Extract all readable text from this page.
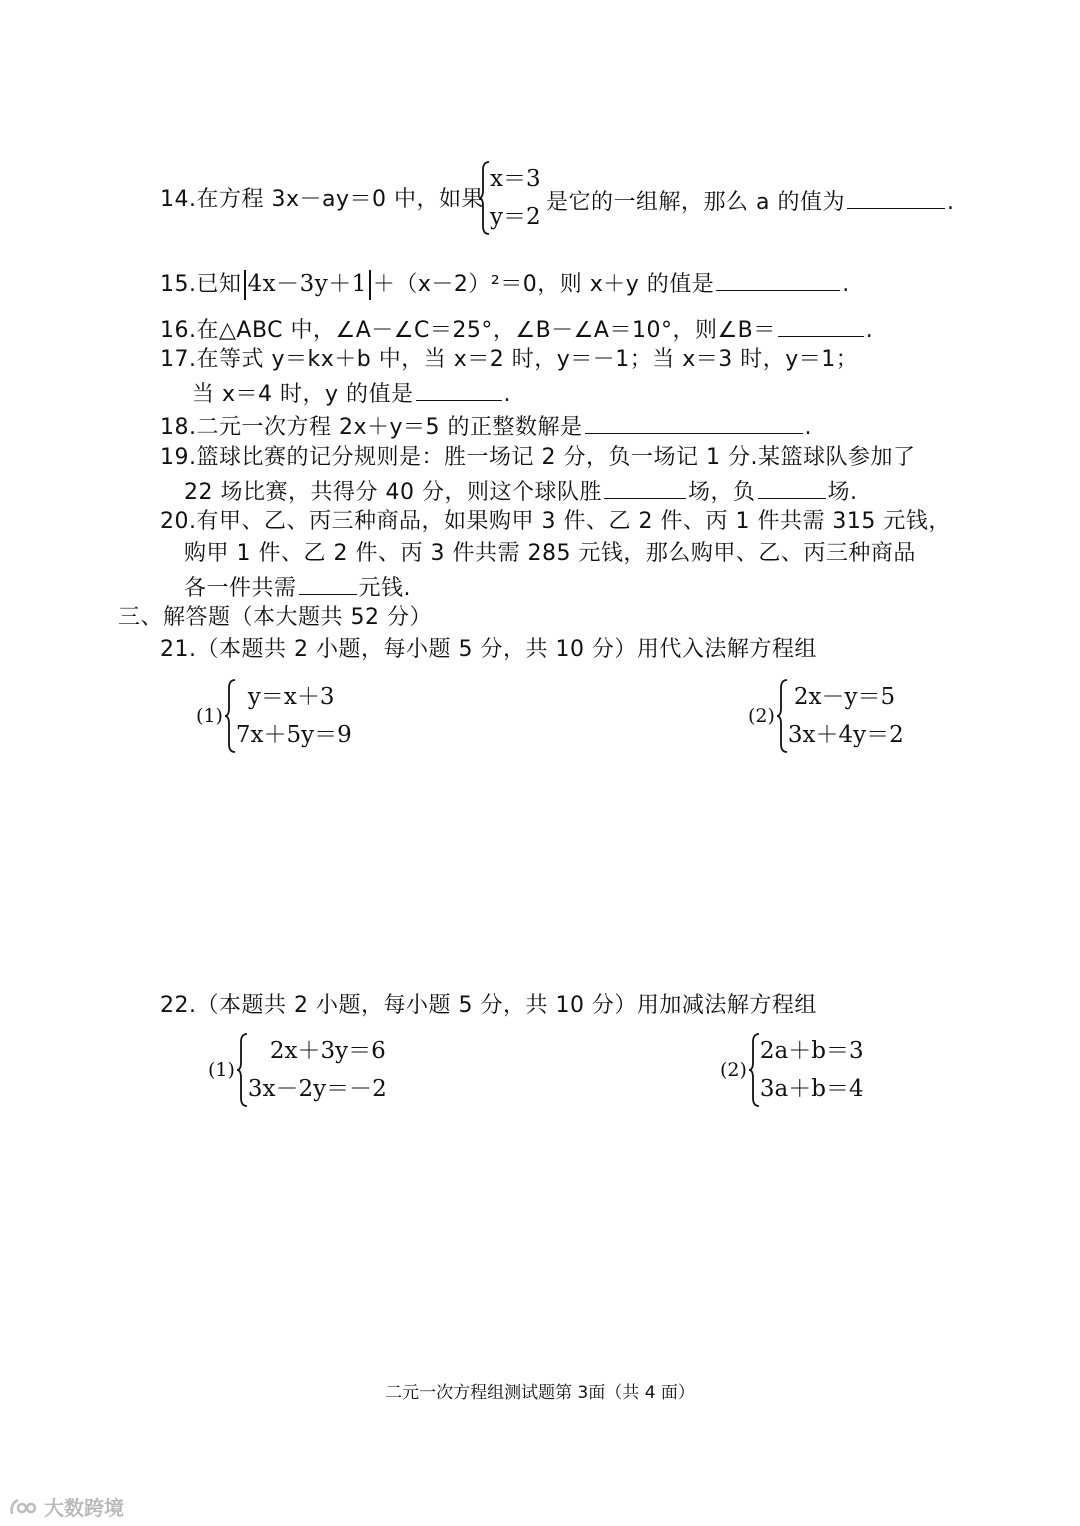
14.在方程 3x－ay＝0 中，如果
x＝3
y＝2
是它的一组解，那么 a 的值为	.
15.已知 4x－3y＋1 ＋（x－2）²＝0，则 x＋y 的值是	.
16.在△ABC 中，∠A－∠C＝25°，∠B－∠A＝10°，则∠B＝	.
17.在等式 y＝kx＋b 中，当 x＝2 时，y＝－1；当 x＝3 时，y＝1；
当 x＝4 时，y 的值是	.
18.二元一次方程 2x＋y＝5 的正整数解是	.
19.篮球比赛的记分规则是：胜一场记 2 分，负一场记 1 分.某篮球队参加了
22 场比赛，共得分 40 分，则这个球队胜	场，负	场.
20.有甲、乙、丙三种商品，如果购甲 3 件、乙 2 件、丙 1 件共需 315 元钱，
购甲 1 件、乙 2 件、丙 3 件共需 285 元钱，那么购甲、乙、丙三种商品
各一件共需	元钱.
三、解答题（本大题共 52 分）
21.（本题共 2 小题，每小题 5 分，共 10 分）用代入法解方程组
(1)
y＝x＋3
7x＋5y＝9
(2)
2x－y＝5
3x＋4y＝2
22.（本题共 2 小题，每小题 5 分，共 10 分）用加减法解方程组
(1)
2x＋3y＝6
3x－2y＝－2
(2)
2a＋b＝3
3a＋b＝4
二元一次方程组测试题第 3面（共 4 面）
大数跨境
